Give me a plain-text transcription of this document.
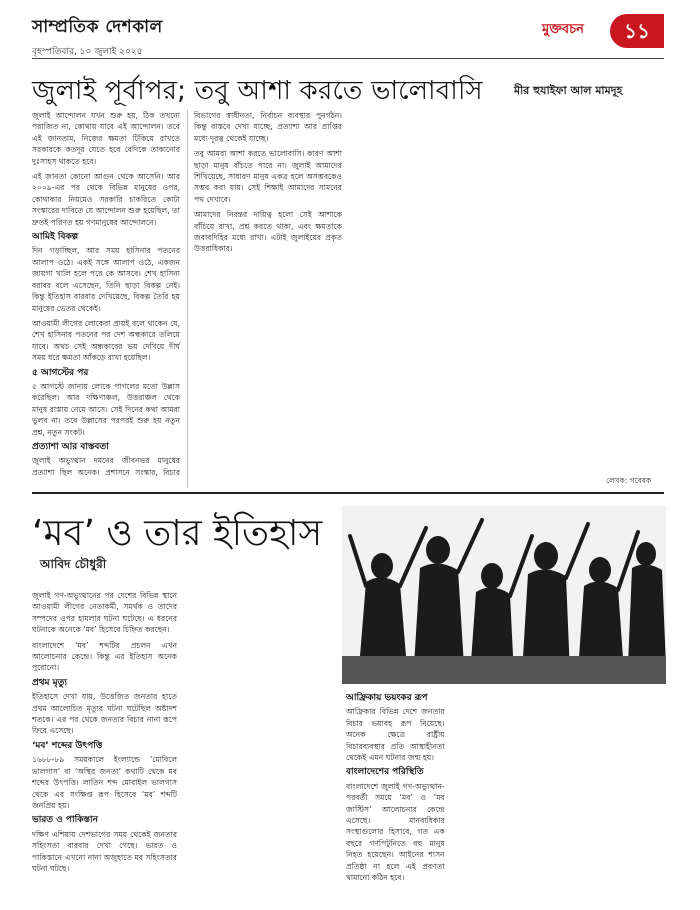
সাম্প্রতিক দেশকাল
বৃহস্পতিবার, ১০ জুলাই ২০২৫
মুক্তবচন	১১
জুলাই পূর্বাপর; তবু আশা করতে ভালোবাসি	মীর হুযাইফা আল মামদূহ

জুলাই আন্দোলন যখন শুরু হয়, ঠিক তখনো পরাজিত না, কোথায় যাবে এই আন্দোলন। তবে এই জানতাম, নিজের ক্ষমতা টিকিয়ে রাখতে সরকারকে কতদূর যেতে হবে বেদিকে তাকানোর দুঃসাহস থাকতে হবে।

এই জানতা কোনো আগুন থেকে আসেনি। আর ২০০৯-এর পর থেকে বিভিন্ন মানুষের ওপর, কোথাকার নিয়মেও সরকারি চাকরিতে কোটা সংস্কারের দাবিতে যে আন্দোলন শুরু হয়েছিল, তা দ্রুতই পরিণত হয় গণমানুষের আন্দোলনে।

আমিই বিকল্প

দিন গড়াচ্ছিল, আর সময় হাসিনার পতনের আলাপ ওঠে। একই সঙ্গে আলাপ ওঠে, একজন জায়গা খালি হলে পরে কে আসবে। শেখ হাসিনা বরাবর বলে এসেছেন, তিনি ছাড়া বিকল্প নেই। কিন্তু ইতিহাস বারবার দেখিয়েছে, বিকল্প তৈরি হয় মানুষের ভেতর থেকেই।

আওয়ামী লীগের লোকেরা প্রায়ই বলে থাকেন যে, শেখ হাসিনার পতনের পর দেশ অন্ধকারে তলিয়ে যাবে। অথচ সেই অন্ধকারের ভয় দেখিয়ে দীর্ঘ সময় ধরে ক্ষমতা আঁকড়ে রাখা হয়েছিল।

৫ আগস্টের পর

৫ আগস্টে জানায় লোকে পাগলের মতো উল্লাস করেছিল। আর দক্ষিণাঞ্চল, উত্তরাঞ্চল থেকে মানুষ রাস্তায় নেমে আসে। সেই দিনের কথা আমরা ভুলব না। তবে উল্লাসের পরপরই শুরু হয় নতুন প্রশ্ন, নতুন সংকট।

প্রত্যাশা আর বাস্তবতা

জুলাই অভ্যুত্থান দমনের জীবনভর মানুষের প্রত্যাশা ছিল অনেক। প্রশাসনে সংস্কার, বিচার বিভাগের স্বাধীনতা, নির্বাচন ব্যবস্থার পুনর্গঠন। কিন্তু বাস্তবে দেখা যাচ্ছে, প্রত্যাশা আর প্রাপ্তির মধ্যে দূরত্ব থেকেই যাচ্ছে।

তবু আমরা আশা করতে ভালোবাসি। কারণ আশা ছাড়া মানুষ বাঁচতে পারে না। জুলাই আমাদের শিখিয়েছে, সাধারণ মানুষ একত্র হলে অসম্ভবকেও সম্ভব করা যায়। সেই শিক্ষাই আমাদের সামনের পথ দেখাবে।

আমাদের নিরন্তর দায়িত্ব হলো সেই আশাকে বাঁচিয়ে রাখা, প্রশ্ন করতে থাকা, এবং ক্ষমতাকে জবাবদিহির মধ্যে রাখা। এটাই জুলাইয়ের প্রকৃত উত্তরাধিকার।

লেখক: গবেষক
‘মব’ ও তার ইতিহাস
আবিদ চৌধুরী

জুলাই গণ-অভ্যুত্থানের পর দেশের বিভিন্ন স্থানে আওয়ামী লীগের নেতাকর্মী, সমর্থক ও তাদের সম্পদের ওপর হামলার ঘটনা ঘটেছে। এ ধরনের ঘটনাকে অনেকে ‘মব’ হিসেবে চিহ্নিত করছেন।

বাংলাদেশে ‘মব’ শব্দটির প্রচলন এখন আলোচনার কেন্দ্রে। কিন্তু এর ইতিহাস অনেক পুরোনো।

প্রথম মৃত্যু

ইতিহাসে দেখা যায়, উত্তেজিত জনতার হাতে প্রথম আলোচিত মৃত্যুর ঘটনা ঘটেছিল অষ্টাদশ শতকে। এর পর থেকে জনতার বিচার নানা রূপে ফিরে এসেছে।

‘মব’ শব্দের উৎপত্তি

১৬৮৮-৮৯ সময়কালে ইংল্যান্ডে ‘মোবিলে ভালগাস’ বা ‘অস্থির জনতা’ কথাটি থেকে মব শব্দের উৎপত্তি। লাতিন শব্দ মোবাইল ভালগাস থেকে এর সংক্ষিপ্ত রূপ হিসেবে ‘মব’ শব্দটি জনপ্রিয় হয়।

ভারত ও পাকিস্তান

দক্ষিণ এশিয়ায় দেশভাগের সময় থেকেই জনতার সহিংসতা বারবার দেখা গেছে। ভারত ও পাকিস্তানে এখনো নানা অজুহাতে মব সহিংসতার ঘটনা ঘটছে।

আফ্রিকায় ভয়ংকর রূপ

আফ্রিকার বিভিন্ন দেশে জনতার বিচার ভয়াবহ রূপ নিয়েছে। অনেক ক্ষেত্রে রাষ্ট্রীয় বিচারব্যবস্থার প্রতি আস্থাহীনতা থেকেই এমন ঘটনার জন্ম হয়।

বাংলাদেশের পরিস্থিতি

বাংলাদেশে জুলাই গণ-অভ্যুত্থান-পরবর্তী সময়ে ‘মব’ ও ‘মব জাস্টিস’ আলোচনার কেন্দ্রে এসেছে। মানবাধিকার সংস্থাগুলোর হিসাবে, গত এক বছরে গণপিটুনিতে বহু মানুষ নিহত হয়েছেন। আইনের শাসন প্রতিষ্ঠা না হলে এই প্রবণতা থামানো কঠিন হবে।
